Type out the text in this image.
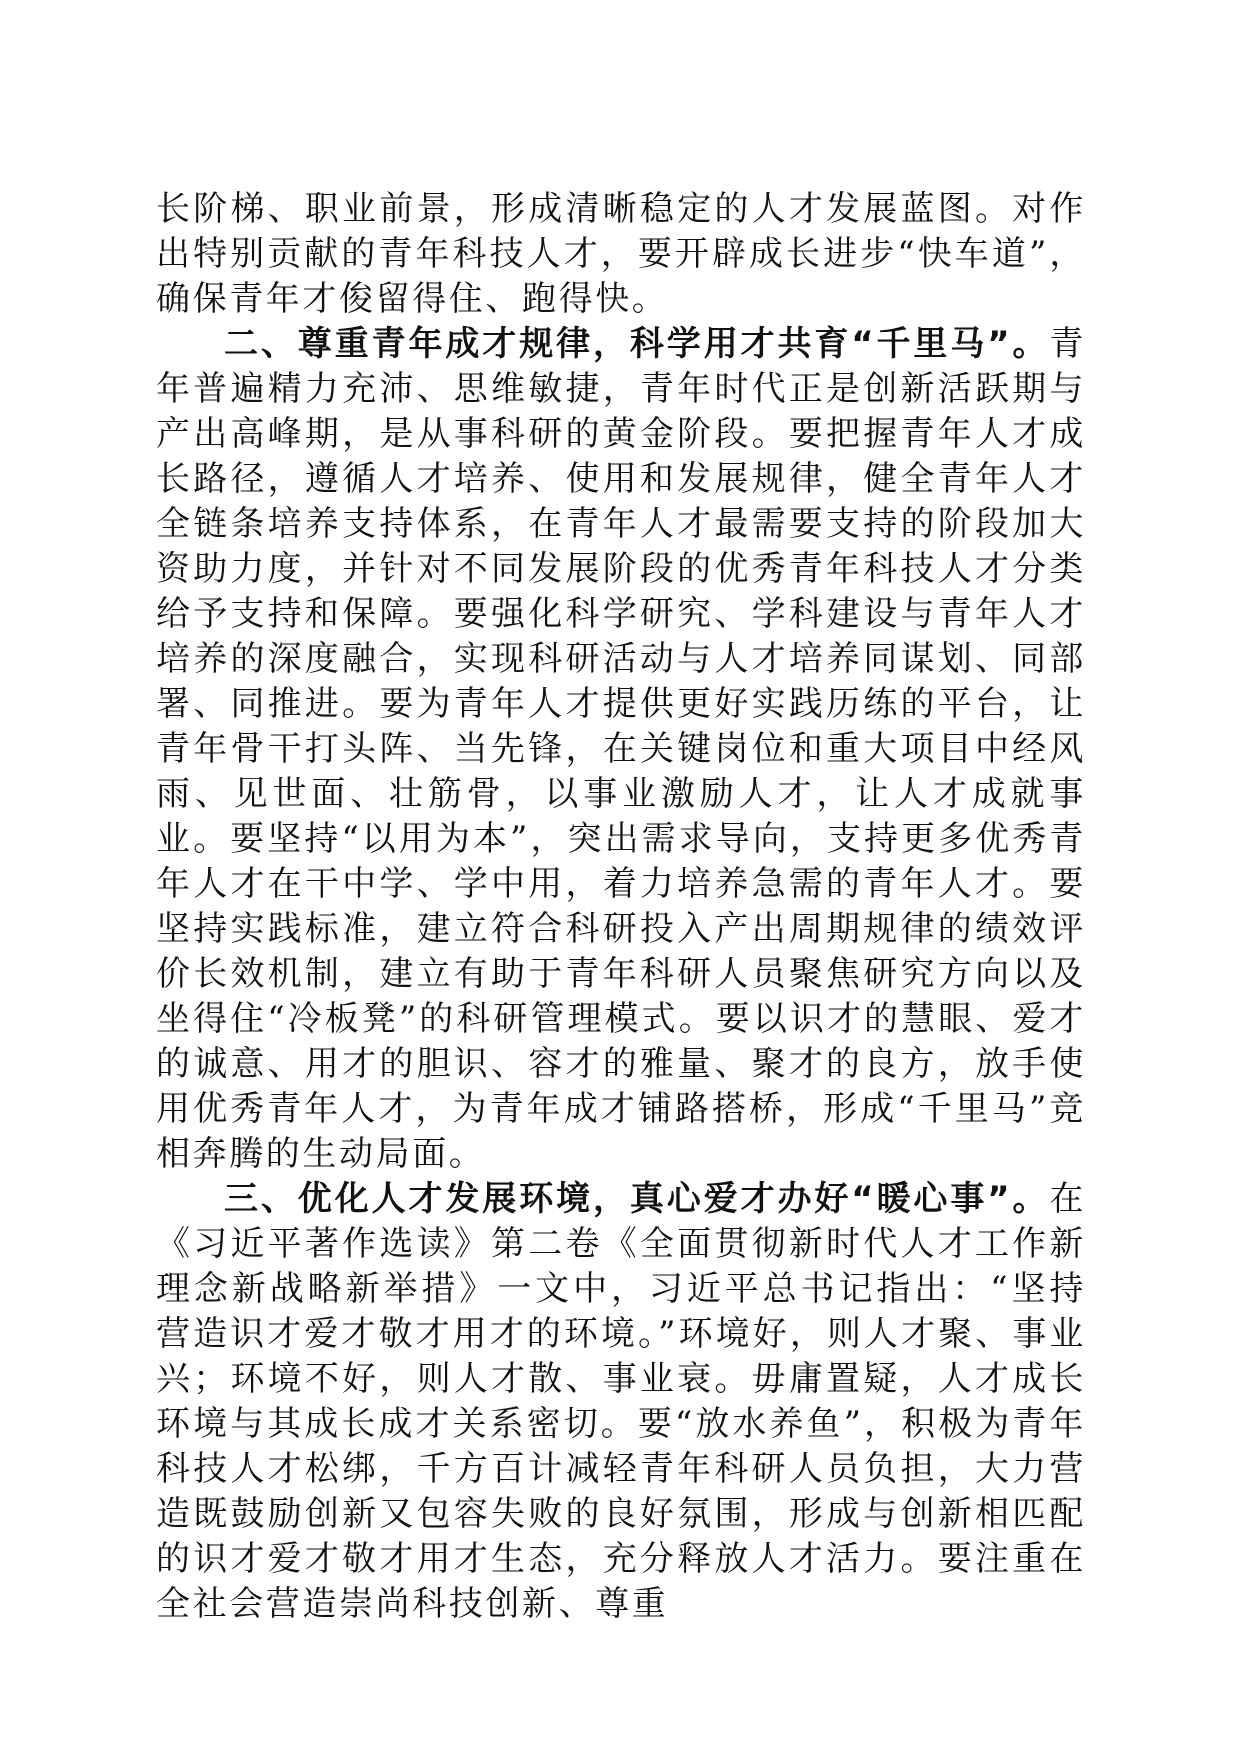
长阶梯、职业前景，形成清晰稳定的人才发展蓝图。对作出特别贡献的青年科技人才，要开辟成长进步“快车道”，确保青年才俊留得住、跑得快。

二、尊重青年成才规律，科学用才共育“千里马”。青年普遍精力充沛、思维敏捷，青年时代正是创新活跃期与产出高峰期，是从事科研的黄金阶段。要把握青年人才成长路径，遵循人才培养、使用和发展规律，健全青年人才全链条培养支持体系，在青年人才最需要支持的阶段加大资助力度，并针对不同发展阶段的优秀青年科技人才分类给予支持和保障。要强化科学研究、学科建设与青年人才培养的深度融合，实现科研活动与人才培养同谋划、同部署、同推进。要为青年人才提供更好实践历练的平台，让青年骨干打头阵、当先锋，在关键岗位和重大项目中经风雨、见世面、壮筋骨，以事业激励人才，让人才成就事业。要坚持“以用为本”，突出需求导向，支持更多优秀青年人才在干中学、学中用，着力培养急需的青年人才。要坚持实践标准，建立符合科研投入产出周期规律的绩效评价长效机制，建立有助于青年科研人员聚焦研究方向以及坐得住“冷板凳”的科研管理模式。要以识才的慧眼、爱才的诚意、用才的胆识、容才的雅量、聚才的良方，放手使用优秀青年人才，为青年成才铺路搭桥，形成“千里马”竞相奔腾的生动局面。

三、优化人才发展环境，真心爱才办好“暖心事”。在《习近平著作选读》第二卷《全面贯彻新时代人才工作新理念新战略新举措》一文中，习近平总书记指出：“坚持营造识才爱才敬才用才的环境。”环境好，则人才聚、事业兴；环境不好，则人才散、事业衰。毋庸置疑，人才成长环境与其成长成才关系密切。要“放水养鱼”，积极为青年科技人才松绑，千方百计减轻青年科研人员负担，大力营造既鼓励创新又包容失败的良好氛围，形成与创新相匹配的识才爱才敬才用才生态，充分释放人才活力。要注重在全社会营造崇尚科技创新、尊重
